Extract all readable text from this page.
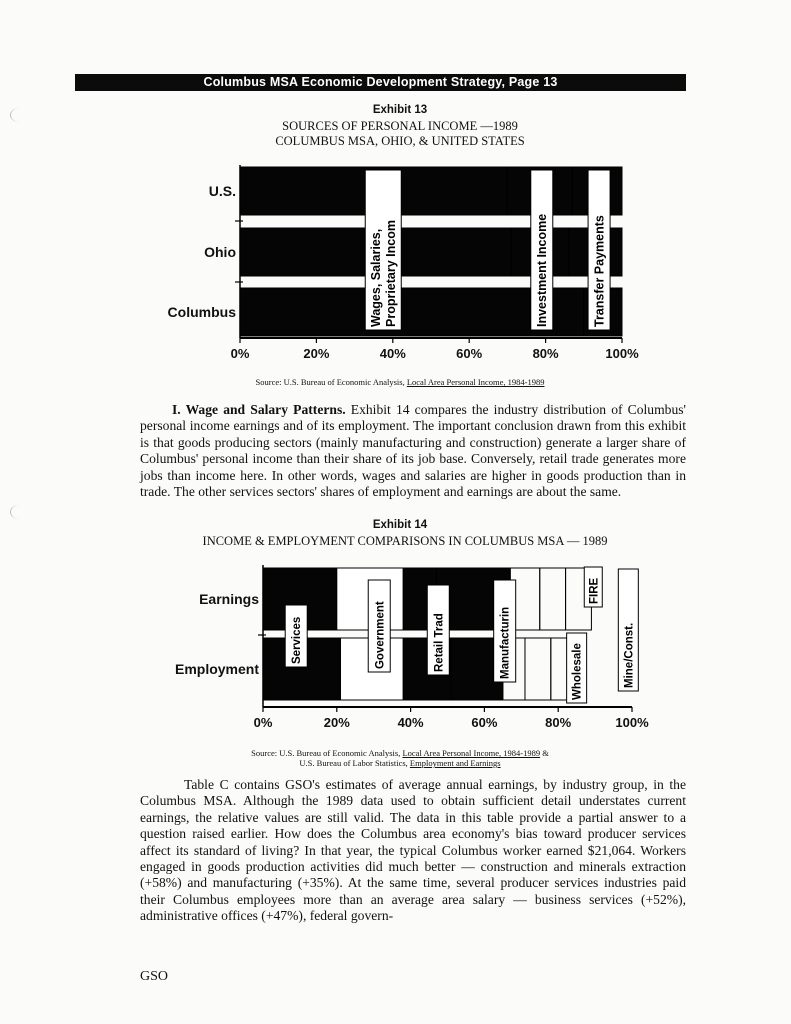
Columbus MSA Economic Development Strategy, Page 13
Exhibit 13
SOURCES OF PERSONAL INCOME —1989
COLUMBUS MSA, OHIO, & UNITED STATES
U.S.
Ohio
Columbus
0%	20%	40%	60%	80%	100%
Wages, Salaries, Proprietary Incom	Investment Income	Transfer Payments
Source: U.S. Bureau of Economic Analysis, Local Area Personal Income, 1984-1989
I. Wage and Salary Patterns. Exhibit 14 compares the industry distribution of Columbus' personal income earnings and of its employment. The important conclusion drawn from this exhibit is that goods producing sectors (mainly manufacturing and construction) generate a larger share of Columbus' personal income than their share of its job base. Conversely, retail trade generates more jobs than income here. In other words, wages and salaries are higher in goods production than in trade. The other services sectors' shares of employment and earnings are about the same.
Exhibit 14
INCOME & EMPLOYMENT COMPARISONS IN COLUMBUS MSA — 1989
Earnings
Employment
0%	20%	40%	60%	80%	100%
Services	Government	Retail Trad	Manufacturin	Wholesale
FIRE
Mine/Const.
Source: U.S. Bureau of Economic Analysis, Local Area Personal Income, 1984-1989 &
U.S. Bureau of Labor Statistics, Employment and Earnings
Table C contains GSO's estimates of average annual earnings, by industry group, in the Columbus MSA. Although the 1989 data used to obtain sufficient detail understates current earnings, the relative values are still valid. The data in this table provide a partial answer to a question raised earlier. How does the Columbus area economy's bias toward producer services affect its standard of living? In that year, the typical Columbus worker earned $21,064. Workers engaged in goods production activities did much better — construction and minerals extraction (+58%) and manufacturing (+35%). At the same time, several producer services industries paid their Columbus employees more than an average area salary — business services (+52%), administrative offices (+47%), federal govern-
GSO
